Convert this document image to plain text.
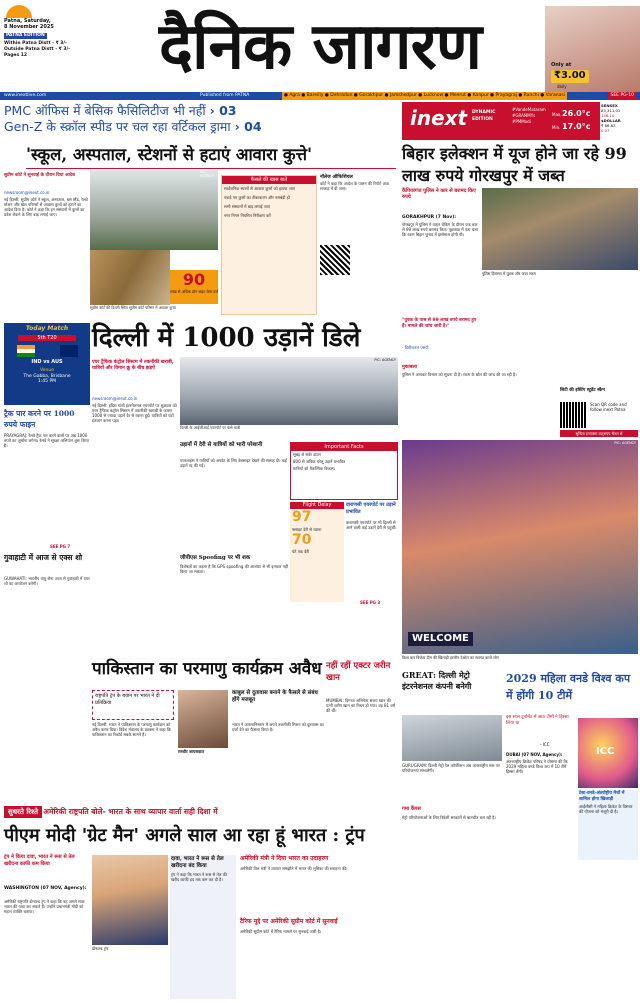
Patna, Saturday,
8 November 2025
PATNA EDITION
Within Patna Distt - ₹ 3/-
Outside Patna Distt - ₹ 3/-
Pages 12	दैनिक जागरण	Only at
₹3.00
daily
www.inextlive.com	Published from PATNA	● Agra ● Bareilly ● Dehradun ● Gorakhpur ● Jamshedpur ● Lucknow ● Meerut ● Kanpur ● Prayagraj ● Ranchi ● Varanasi	SEE PG-10
PMC ऑफिस में बेसिक फैसिलिटीज भी नहीं › 03
Gen-Z के स्क्रॉल स्पीड पर चल रहा वर्टिकल ड्रामा › 04	inext DYNAMIC
EDITION
#VandeMataram
#GRAMMYs
#PMModi
Max. 26.0°c
Min. 17.0°c
SENSEX
83,311.01
148.14
$DOLLAR
₹ 88.63
0.07
'स्कूल, अस्पताल, स्टेशनों से हटाएं आवारा कुत्ते'
सुप्रीम कोर्ट ने सुनवाई के दौरान दिया आदेश
newsroom@inext.co.in
नई दिल्ली: सुप्रीम कोर्ट ने स्कूल, अस्पताल, बस स्टैंड, रेलवे स्टेशन और खेल परिसरों से आवारा कुत्तों को हटाने का आदेश दिया है। कोर्ट ने कहा कि इन संस्थानों में कुत्तों का प्रवेश रोकने के लिए बाड़ लगाई जाए।
PIC: AGENCY
90
लाख से अधिक डॉग बाइट केस दर्ज
सुप्रीम कोर्ट की दिल्ली स्थित सुप्रीम कोर्ट परिसर में आवारा कुत्ता
फैसले की खास बातें
सार्वजनिक स्थानों से आवारा कुत्तों को हटाया जाए
पकड़े गए कुत्तों का टीकाकरण और नसबंदी हो
सभी संस्थानों में बाड़ लगाई जाए
नगर निगम नियमित निरीक्षण करें
नॉलेज ऑफिशियल
कोर्ट ने कहा कि आदेश के पालन की रिपोर्ट आठ सप्ताह में दी जाए।
बिहार इलेक्शन में यूज होने जा रहे 99 लाख रुपये गोरखपुर में जब्त
कैंपियरगंज पुलिस ने कार से बरामद किए रुपये
GORAKHPUR (7 Nov):
गोरखपुर में पुलिस ने वाहन चेकिंग के दौरान एक कार से 99 लाख रुपये बरामद किए। पूछताछ में पता चला कि रकम बिहार चुनाव में इस्तेमाल होनी थी।
पुलिस हिरासत में युवक और जब्त रकम
"युवक के पास से 99 लाख रुपये बरामद हुए हैं। मामले की जांच जारी है।"
- डिवीजनल एसपी
मुकाबला
पुलिस ने आयकर विभाग को सूचना दी है। रकम के स्रोत की जांच की जा रही है।
सिटी की इस्टिंग स्टूडेंट स्कैन
Scan QR code and follow inext Patna
सुचिता इनएक्स्ट वाट्सएप चैनल से
Today Match
5th T20
IND vs AUS
Venue
The Gabba, Brisbane
1:45 PM
ट्रैक पार करने पर 1000 रुपये फाइन
PRAYAGRAJ: रेलवे ट्रैक पार करने वालों पर अब 1000 रुपये का जुर्माना लगेगा। रेलवे ने सुरक्षा अभियान शुरू किया है।
SEE PG 7
गुवाहाटी में आज से एक्स शो
GUWAHATI: भारतीय वायु सेना आज से गुवाहाटी में एयर शो का आयोजन करेगी।
दिल्ली में 1000 उड़ानें डिले
एयर ट्रैफिक कंट्रोल सिस्टम में तकनीकी खराबी, यात्रियों और विमान क्रू के बीच झड़पें
newsroom@inext.co.in
नई दिल्ली: इंदिरा गांधी इंटरनेशनल एयरपोर्ट पर शुक्रवार को एयर ट्रैफिक कंट्रोल सिस्टम में तकनीकी खराबी के कारण 1000 से ज्यादा उड़ानें देर से रवाना हुईं। यात्रियों को घंटों इंतजार करना पड़ा।
PIC: AGENCY
दिल्ली के आईजीआई एयरपोर्ट पर फंसे यात्री
उड़ानों में देरी से यात्रियों को भारी परेशानी
एयरलाइंस ने यात्रियों को अपडेट के लिए वेबसाइट देखने की सलाह दी। कई उड़ानें रद्द की गईं।
जीपीएस Spoofing पर भी शक
विशेषज्ञों का कहना है कि GPS spoofing की आशंका से भी इनकार नहीं किया जा सकता।
Important Facts
सुबह से सर्वर डाउन
800 से अधिक घरेलू उड़ानें प्रभावित
यात्रियों को वैकल्पिक विकल्प
Flight Delay
97
फ्लाइट देरी से रवाना
70
घंटे तक देरी
वाराणसी एयरपोर्ट पर उड़ानें प्रभावित
वाराणसी एयरपोर्ट पर भी दिल्ली से आने वाली कई उड़ानें देरी से पहुंचीं।
SEE PG 3
PIC: AGENCY
WELCOME
विश्व कप विजेता टीम की खिलाड़ी हरलीन देओल का स्वागत करते लोग
पाकिस्तान का परमाणु कार्यक्रम अवैध
राष्ट्रपति ट्रंप के बयान पर भारत ने दी प्रतिक्रिया
नई दिल्ली: भारत ने पाकिस्तान के परमाणु कार्यक्रम को अवैध करार दिया। विदेश मंत्रालय के प्रवक्ता ने कहा कि पाकिस्तान का रिकॉर्ड सबके सामने है।
रणधीर जायसवाल
काबुल से दुतावास बनाने के फैसले से संबंध होंगे मजबूत
भारत ने अफगानिस्तान में अपने तकनीकी मिशन को दूतावास का दर्जा देने का फैसला किया है।
नहीं रहीं एक्टर जरीन खान
MUMBAI: दिग्गज अभिनेता संजय खान की पत्नी जरीन खान का निधन हो गया। वह 81 वर्ष की थीं।
GREAT: दिल्ली मेट्रो इंटरनेशनल कंपनी बनेगी
GURUGRAM: दिल्ली मेट्रो रेल कॉर्पोरेशन अब अंतरराष्ट्रीय स्तर पर परियोजनाएं संभालेगी।
2029 महिला वनडे विश्व कप में होंगी 10 टीमें
इस साल टूर्नामेंट में आठ टीमों ने हिस्सा लिया था
- ICC
DUBAI (07 NOV, Agency):
अंतरराष्ट्रीय क्रिकेट परिषद ने घोषणा की कि 2029 महिला वनडे विश्व कप में 10 टीमें हिस्सा लेंगी।
ICC
टेस्ट-वनडे-अंतर्राष्ट्रीय मैचों में शामिल होगा खिलाड़ी
आईसीसी ने महिला क्रिकेट के विस्तार की योजना को मंजूरी दी है।
सुधरते रिश्ते अमेरिकी राष्ट्रपति बोले- भारत के साथ व्यापार वार्ता सही दिशा में
पीएम मोदी 'ग्रेट मैन' अगले साल आ रहा हूं भारत : ट्रंप
ट्रंप ने किया दावा, भारत ने रूस से तेल खरीदना काफी कम किया
WASHINGTON (07 NOV, Agency):
अमेरिकी राष्ट्रपति डोनाल्ड ट्रंप ने कहा कि वह अगले साल भारत की यात्रा कर सकते हैं। उन्होंने प्रधानमंत्री मोदी को महान व्यक्ति बताया।
डोनाल्ड ट्रंप
दावा, भारत ने रूस से तेल खरीदना बंद किया
ट्रंप ने कहा कि भारत ने रूस से तेल की खरीद काफी हद तक कम कर दी है।
अमेरिकी मंत्री ने दिया भारत का उदाहरण
अमेरिकी वित्त मंत्री ने व्यापार समझौते में भारत की भूमिका की सराहना की।
टैरिफ मुद्दे पर अमेरिकी सुप्रीम कोर्ट में सुनवाई
अमेरिकी सुप्रीम कोर्ट में टैरिफ मामले पर सुनवाई जारी है।
गमा कैंपस
मेट्रो परियोजनाओं के लिए विदेशी सरकारों से बातचीत चल रही है।
